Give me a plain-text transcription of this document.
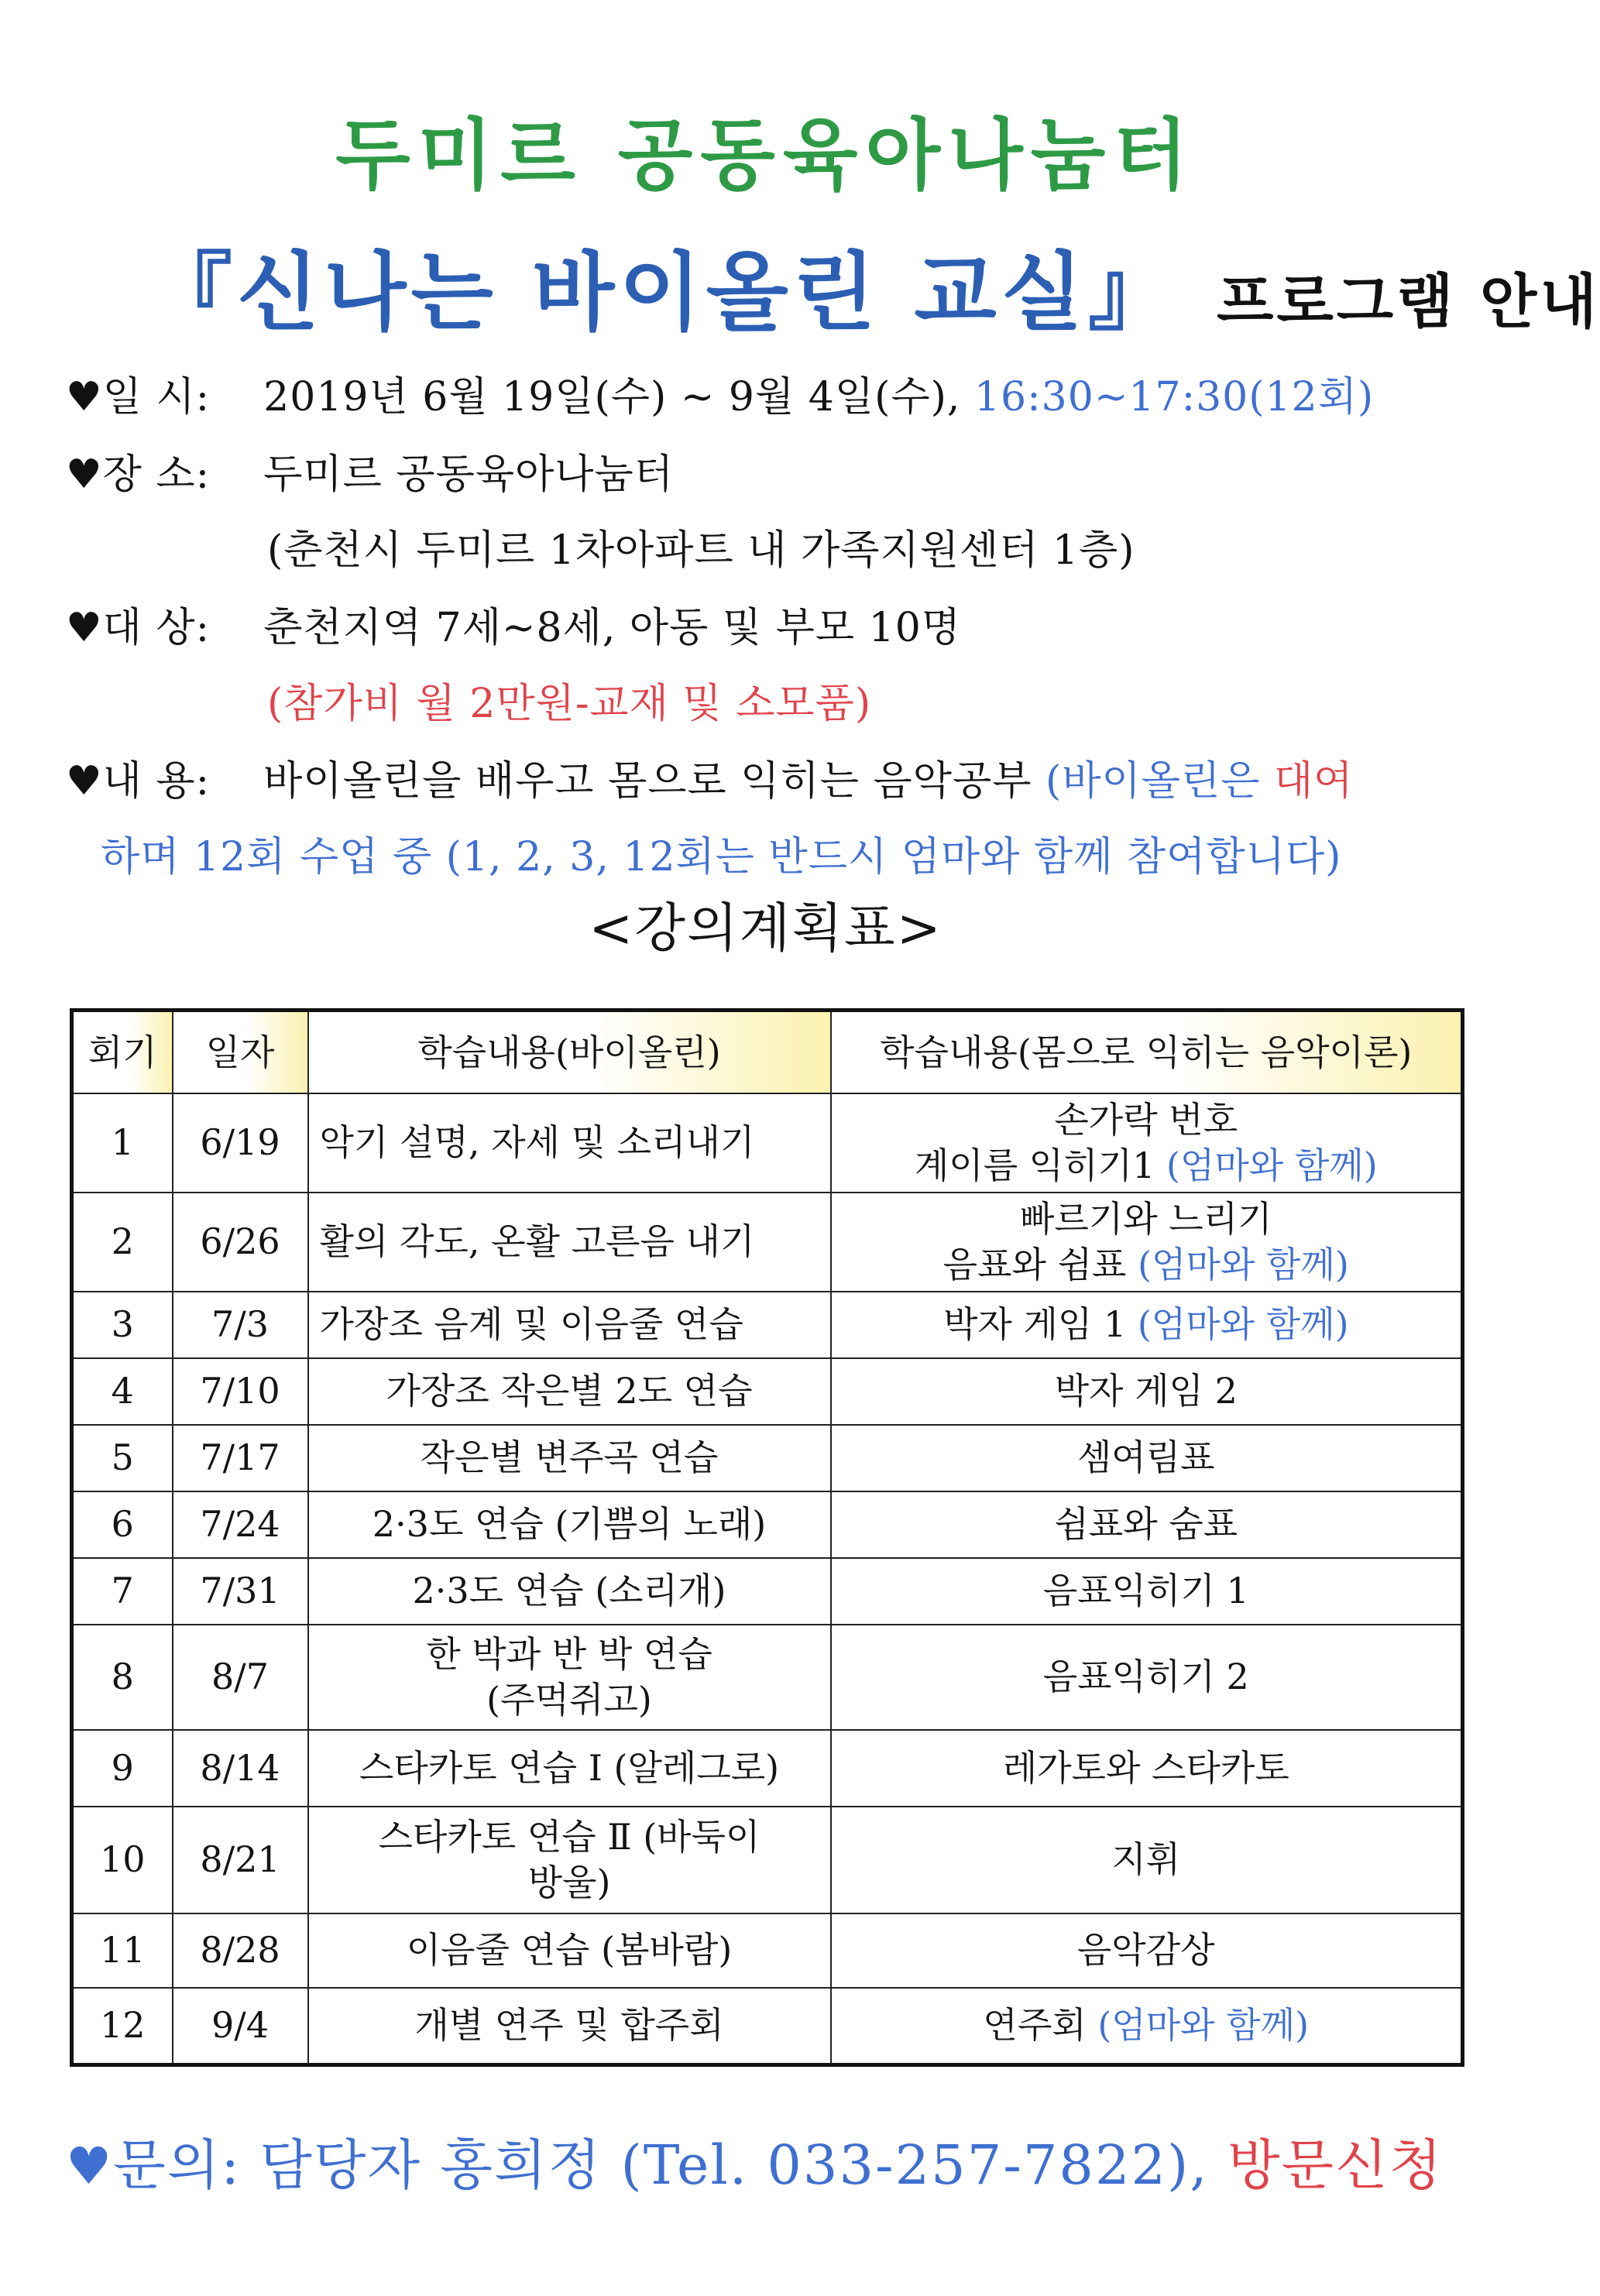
두미르 공동육아나눔터
『신나는 바이올린 교실』 프로그램 안내
♥일 시: 2019년 6월 19일(수) ~ 9월 4일(수), 16:30~17:30(12회)
♥장 소: 두미르 공동육아나눔터
(춘천시 두미르 1차아파트 내 가족지원센터 1층)
♥대 상: 춘천지역 7세~8세, 아동 및 부모 10명
(참가비 월 2만원-교재 및 소모품)
♥내 용: 바이올린을 배우고 몸으로 익히는 음악공부 (바이올린은 대여
하며 12회 수업 중 (1, 2, 3, 12회는 반드시 엄마와 함께 참여합니다)
<강의계획표>
회기	일자	학습내용(바이올린)	학습내용(몸으로 익히는 음악이론)
1	6/19	악기 설명, 자세 및 소리내기	손가락 번호
계이름 익히기1 (엄마와 함께)

2	6/26	활의 각도, 온활 고른음 내기	빠르기와 느리기
음표와 쉼표 (엄마와 함께)

3	7/3	가장조 음계 및 이음줄 연습	박자 게임 1 (엄마와 함께)
4	7/10	가장조 작은별 2도 연습	박자 게임 2
5	7/17	작은별 변주곡 연습	셈여림표
6	7/24	2·3도 연습 (기쁨의 노래)	쉼표와 숨표
7	7/31	2·3도 연습 (소리개)	음표익히기 1
8	8/7	한 박과 반 박 연습
(주먹쥐고)	음표익히기 2
9	8/14	스타카토 연습 Ⅰ (알레그로)	레가토와 스타카토
10	8/21	스타카토 연습 Ⅱ (바둑이
방울)	지휘
11	8/28	이음줄 연습 (봄바람)	음악감상
12	9/4	개별 연주 및 합주회	연주회 (엄마와 함께)
♥문의: 담당자 홍희정 (Tel. 033-257-7822), 방문신청
